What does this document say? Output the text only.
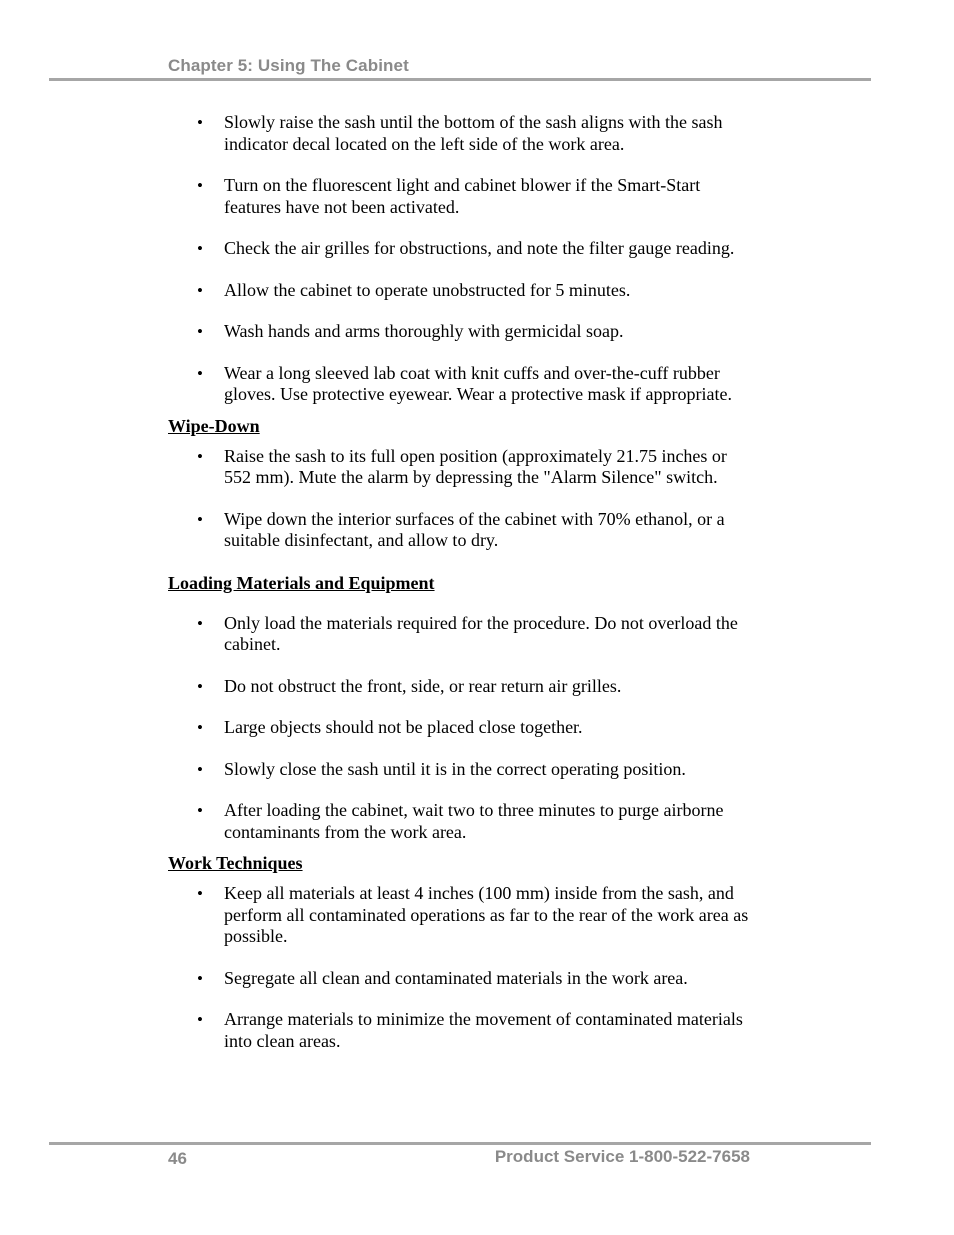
Chapter 5: Using The Cabinet
• Slowly raise the sash until the bottom of the sash aligns with the sash indicator decal located on the left side of the work area.
• Turn on the fluorescent light and cabinet blower if the Smart-Start features have not been activated.
• Check the air grilles for obstructions, and note the filter gauge reading.
• Allow the cabinet to operate unobstructed for 5 minutes.
• Wash hands and arms thoroughly with germicidal soap.
• Wear a long sleeved lab coat with knit cuffs and over-the-cuff rubber gloves. Use protective eyewear. Wear a protective mask if appropriate.

Wipe-Down

• Raise the sash to its full open position (approximately 21.75 inches or 552 mm). Mute the alarm by depressing the "Alarm Silence" switch.
• Wipe down the interior surfaces of the cabinet with 70% ethanol, or a suitable disinfectant, and allow to dry.

Loading Materials and Equipment

• Only load the materials required for the procedure. Do not overload the cabinet.
• Do not obstruct the front, side, or rear return air grilles.
• Large objects should not be placed close together.
• Slowly close the sash until it is in the correct operating position.
• After loading the cabinet, wait two to three minutes to purge airborne contaminants from the work area.

Work Techniques

• Keep all materials at least 4 inches (100 mm) inside from the sash, and perform all contaminated operations as far to the rear of the work area as possible.
• Segregate all clean and contaminated materials in the work area.
• Arrange materials to minimize the movement of contaminated materials into clean areas.
46	Product Service 1-800-522-7658
